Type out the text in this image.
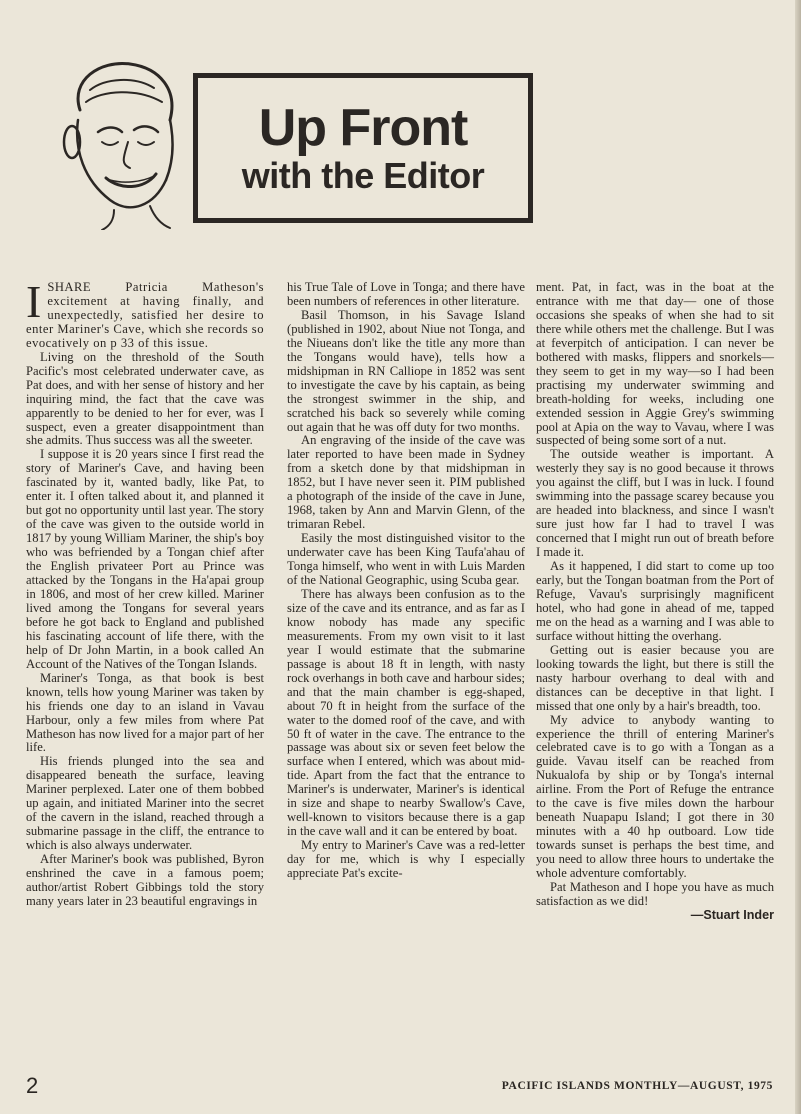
Up Front
with the Editor

ISHARE Patricia Matheson's excitement at having finally, and unexpectedly, satisfied her desire to enter Mariner's Cave, which she records so evocatively on p 33 of this issue.

Living on the threshold of the South Pacific's most celebrated underwater cave, as Pat does, and with her sense of history and her inquiring mind, the fact that the cave was apparently to be denied to her for ever, was I suspect, even a greater disappointment than she admits. Thus success was all the sweeter.

I suppose it is 20 years since I first read the story of Mariner's Cave, and having been fascinated by it, wanted badly, like Pat, to enter it. I often talked about it, and planned it but got no opportunity until last year. The story of the cave was given to the outside world in 1817 by young William Mariner, the ship's boy who was befriended by a Tongan chief after the English privateer Port au Prince was attacked by the Tongans in the Ha'apai group in 1806, and most of her crew killed. Mariner lived among the Tongans for several years before he got back to England and published his fascinating account of life there, with the help of Dr John Martin, in a book called An Account of the Natives of the Tongan Islands.

Mariner's Tonga, as that book is best known, tells how young Mariner was taken by his friends one day to an island in Vavau Harbour, only a few miles from where Pat Matheson has now lived for a major part of her life.

His friends plunged into the sea and disappeared beneath the surface, leaving Mariner perplexed. Later one of them bobbed up again, and initiated Mariner into the secret of the cavern in the island, reached through a submarine passage in the cliff, the entrance to which is also always underwater.

After Mariner's book was published, Byron enshrined the cave in a famous poem; author/artist Robert Gibbings told the story many years later in 23 beautiful engravings in

his True Tale of Love in Tonga; and there have been numbers of references in other literature.

Basil Thomson, in his Savage Island (published in 1902, about Niue not Tonga, and the Niueans don't like the title any more than the Tongans would have), tells how a midshipman in RN Calliope in 1852 was sent to investigate the cave by his captain, as being the strongest swimmer in the ship, and scratched his back so severely while coming out again that he was off duty for two months.

An engraving of the inside of the cave was later reported to have been made in Sydney from a sketch done by that midshipman in 1852, but I have never seen it. PIM published a photograph of the inside of the cave in June, 1968, taken by Ann and Marvin Glenn, of the trimaran Rebel.

Easily the most distinguished visitor to the underwater cave has been King Taufa'ahau of Tonga himself, who went in with Luis Marden of the National Geographic, using Scuba gear.

There has always been confusion as to the size of the cave and its entrance, and as far as I know nobody has made any specific measurements. From my own visit to it last year I would estimate that the submarine passage is about 18 ft in length, with nasty rock overhangs in both cave and harbour sides; and that the main chamber is egg-shaped, about 70 ft in height from the surface of the water to the domed roof of the cave, and with 50 ft of water in the cave. The entrance to the passage was about six or seven feet below the surface when I entered, which was about mid-tide. Apart from the fact that the entrance to Mariner's is underwater, Mariner's is identical in size and shape to nearby Swallow's Cave, well-known to visitors because there is a gap in the cave wall and it can be entered by boat.

My entry to Mariner's Cave was a red-letter day for me, which is why I especially appreciate Pat's excite-

ment. Pat, in fact, was in the boat at the entrance with me that day— one of those occasions she speaks of when she had to sit there while others met the challenge. But I was at feverpitch of anticipation. I can never be bothered with masks, flippers and snorkels—they seem to get in my way—so I had been practising my underwater swimming and breath-holding for weeks, including one extended session in Aggie Grey's swimming pool at Apia on the way to Vavau, where I was suspected of being some sort of a nut.

The outside weather is important. A westerly they say is no good because it throws you against the cliff, but I was in luck. I found swimming into the passage scarey because you are headed into blackness, and since I wasn't sure just how far I had to travel I was concerned that I might run out of breath before I made it.

As it happened, I did start to come up too early, but the Tongan boatman from the Port of Refuge, Vavau's surprisingly magnificent hotel, who had gone in ahead of me, tapped me on the head as a warning and I was able to surface without hitting the overhang.

Getting out is easier because you are looking towards the light, but there is still the nasty harbour overhang to deal with and distances can be deceptive in that light. I missed that one only by a hair's breadth, too.

My advice to anybody wanting to experience the thrill of entering Mariner's celebrated cave is to go with a Tongan as a guide. Vavau itself can be reached from Nukualofa by ship or by Tonga's internal airline. From the Port of Refuge the entrance to the cave is five miles down the harbour beneath Nuapapu Island; I got there in 30 minutes with a 40 hp outboard. Low tide towards sunset is perhaps the best time, and you need to allow three hours to undertake the whole adventure comfortably.

Pat Matheson and I hope you have as much satisfaction as we did!

—Stuart Inder
2	PACIFIC ISLANDS MONTHLY—AUGUST, 1975
